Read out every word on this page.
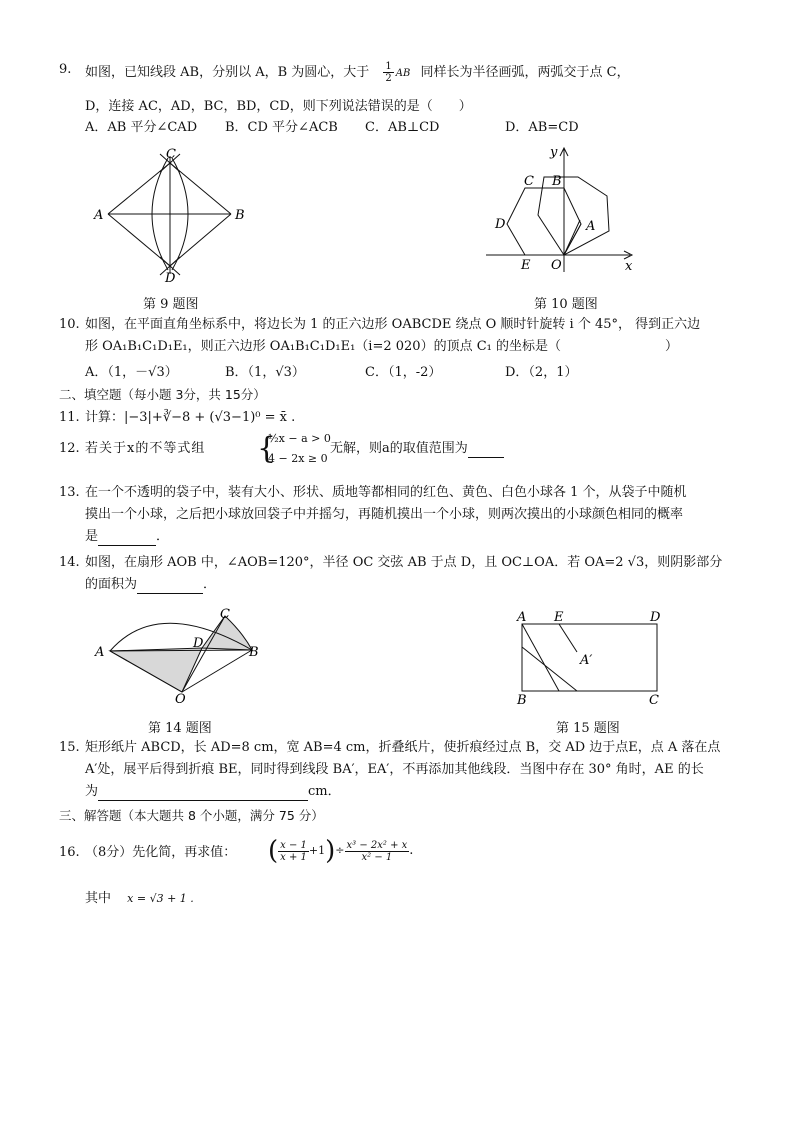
9. 如图，已知线段 AB，分别以 A，B 为圆心，大于 $\frac{1}{2}$ AB 同样长为半径画弧，两弧交于点 C，
D，连接 AC，AD，BC，BD，CD，则下列说法错误的是（　　）
A．AB 平分∠CAD B．CD 平分∠ACB C．AB⊥CD	D．AB=CD
A	B
C
D
第 9 题图
y
x
C B
D	A
E O
第 10 题图
10. 如图，在平面直角坐标系中，将边长为 1 的正六边形 OABCDE 绕点 O 顺时针旋转 i 个 45°， 得到正六边
形 OA₁B₁C₁D₁E₁，则正六边形 OA₁B₁C₁D₁E₁（i=2 020）的顶点 C₁ 的坐标是（　　　　　　　　）
A．（1，－√3）	B．（1，√3）	C．（1，-2）	D．（2，1）
二、填空题（每小题 3分，共 15分）
11. 计算：|−3|+∛−8 + (√3−1)⁰ = x̄ .
12. 若关于x的不等式组 {
½x − a > 0
4 − 2x ≥ 0
无解，则a的取值范围为
13. 在一个不透明的袋子中，装有大小、形状、质地等都相同的红色、黄色、白色小球各 1 个，从袋子中随机
摸出一个小球，之后把小球放回袋子中并摇匀，再随机摸出一个小球，则两次摸出的小球颜色相同的概率
是	．
14. 如图，在扇形 AOB 中，∠AOB=120°，半径 OC 交弦 AB 于点 D，且 OC⊥OA．若 OA=2 √3，则阴影部分
的面积为	．
A	B
C
D
O
第 14 题图
A E	D
A′
B	C
第 15 题图
15. 矩形纸片 ABCD，长 AD=8 cm，宽 AB=4 cm，折叠纸片，使折痕经过点 B，交 AD 边于点E，点 A 落在点
A′处，展平后得到折痕 BE，同时得到线段 BA′，EA′，不再添加其他线段．当图中存在 30° 角时，AE 的长
为	cm．
三、解答题（本大题共 8 个小题，满分 75 分）
16. （8分）先化简，再求值： ( $\frac{x - 1}{x + 1} +1)\div \frac{\text{x³ − 2x² + x}}{\text{x² − 1}}$ .
其中 x = √3 + 1 .
